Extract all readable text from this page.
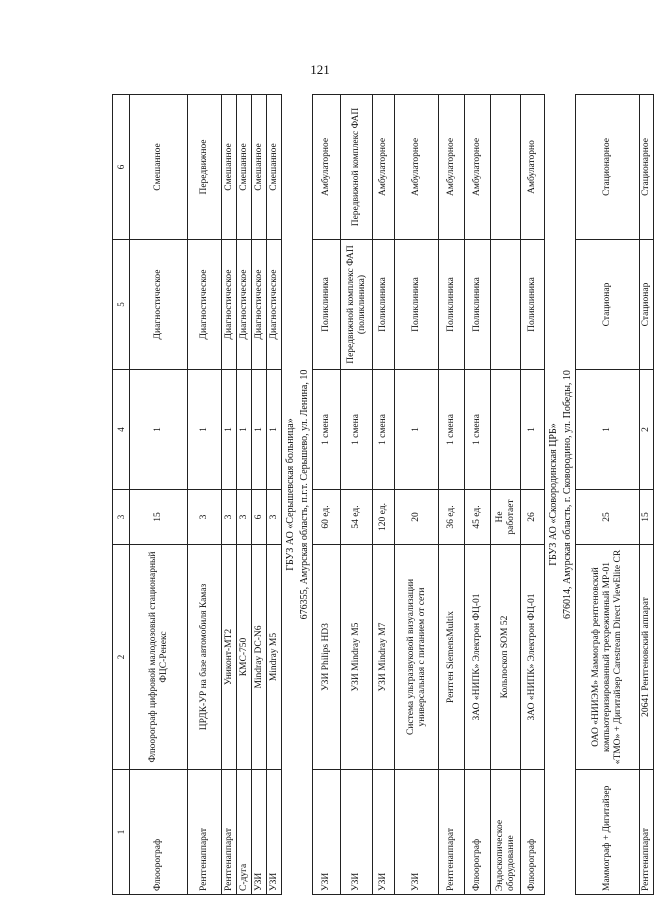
121
1	2	3	4	5	6
Флюорограф	Флюорограф цифровой малодозовый стационарный ФЦС-Ренекс	15	1	Диагностическое	Смешанное
Рентгенаппарат	ЦРДК-УР на базе автомобиля Камаз	3	1	Диагностическое	Передвижное
Рентгенаппарат	Униконт-МТ2	3	1	Диагностическое	Смешанное
С-дуга	КМС-750	3	1	Диагностическое	Смешанное
УЗИ	Mindray DC-N6	6	1	Диагностическое	Смешанное
УЗИ	Mindray M5	3	1	Диагностическое	Смешанное
ГБУЗ АО «Серышевская больница»					
676355, Амурская область, п.г.т. Серышево, ул. Ленина, 10					
УЗИ	УЗИ Philips HD3	60 ед.	1 смена	Поликлиника	Амбулаторное
УЗИ	УЗИ Mindray M5	54 ед.	1 смена	Передвижной комплекс ФАП (поликлиника)	Передвижной комплекс ФАП
УЗИ	УЗИ Mindray M7	120 ед.	1 смена	Поликлиника	Амбулаторное
УЗИ	Система ультразвуковой визуализации универсальная с питанием от сети	20	1	Поликлиника	Амбулаторное
Рентгенаппарат	Рентген SiemensMultix	36 ед.	1 смена	Поликлиника	Амбулаторное
Флюорограф	ЗАО «НИПК» Электрон ФЦ-01	45 ед.	1 смена	Поликлиника	Амбулаторное
Эндоскопическое оборудование	Кольпоскоп SOM 52	Не работает			
Флюорограф	ЗАО «НИПК» Электрон ФЦ-01	26	1	Поликлиника	Амбулаторно
ГБУЗ АО «Сковородинская ЦРБ»					
676014, Амурская область, г. Сковородино, ул. Победы, 10					
Маммограф + Дигитайзер	ОАО «НИИЭМ» Маммограф рентгеновский компьютеризированный трехрежимный МР-01 «ТМО» + Дигитайзер Carestream Direct ViewElite CR	25	1	Стационар	Стационарное
Рентгенаппарат	20641 Рентгеновский аппарат	15	2	Стационар	Стационарное
